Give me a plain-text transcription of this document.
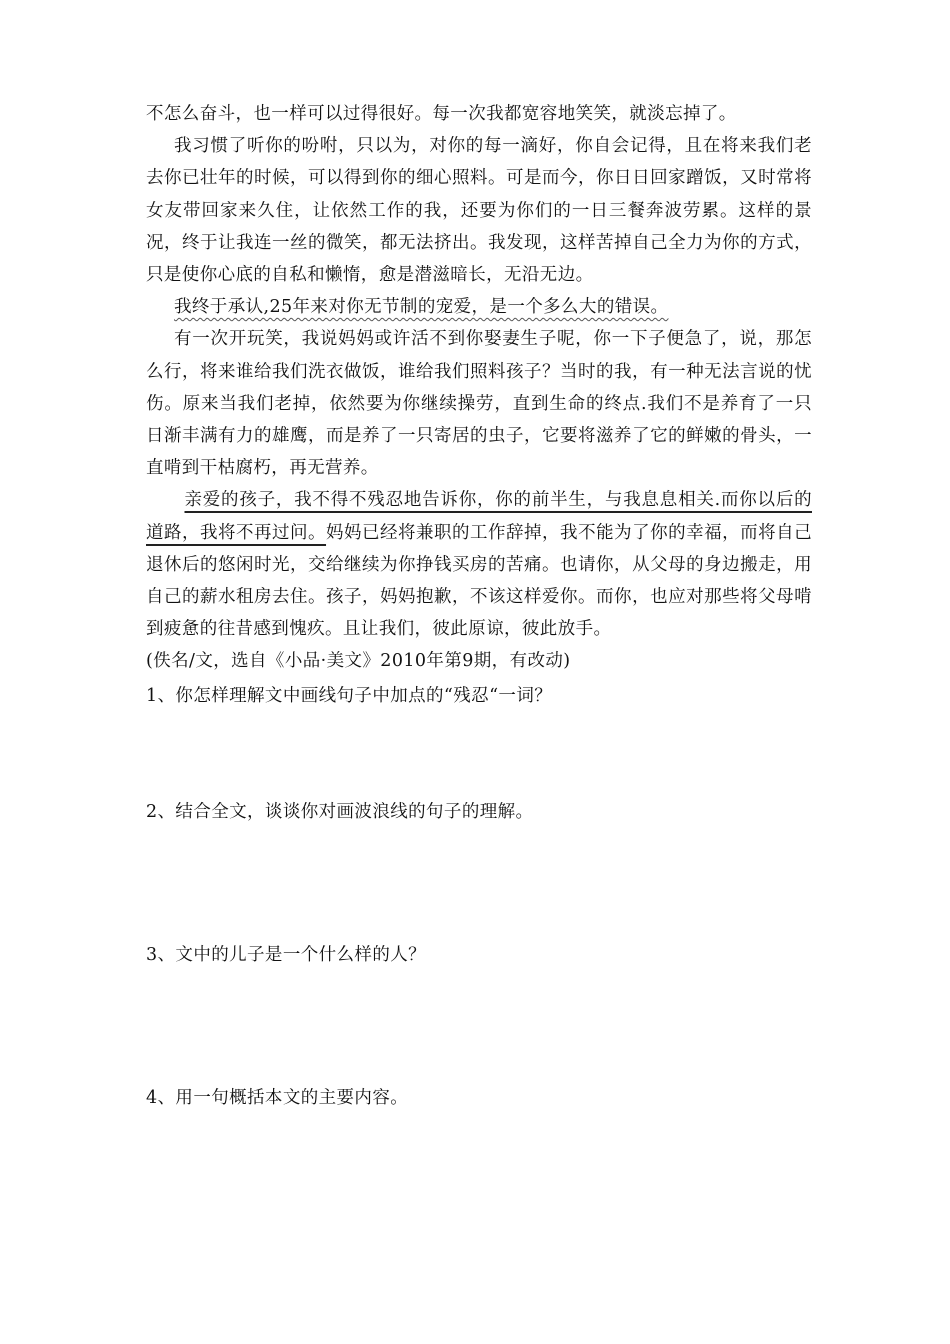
不怎么奋斗，也一样可以过得很好。每一次我都宽容地笑笑，就淡忘掉了。

我习惯了听你的吩咐，只以为，对你的每一滴好，你自会记得，且在将来我们老去你已壮年的时候，可以得到你的细心照料。可是而今，你日日回家蹭饭，又时常将女友带回家来久住，让依然工作的我，还要为你们的一日三餐奔波劳累。这样的景况，终于让我连一丝的微笑，都无法挤出。我发现，这样苦掉自己全力为你的方式，只是使你心底的自私和懒惰，愈是潜滋暗长，无沿无边。

我终于承认,25年来对你无节制的宠爱，是一个多么大的错误。

有一次开玩笑，我说妈妈或许活不到你娶妻生子呢，你一下子便急了，说，那怎么行，将来谁给我们洗衣做饭，谁给我们照料孩子？当时的我，有一种无法言说的忧伤。原来当我们老掉，依然要为你继续操劳，直到生命的终点.我们不是养育了一只日渐丰满有力的雄鹰，而是养了一只寄居的虫子，它要将滋养了它的鲜嫩的骨头，一直啃到干枯腐朽，再无营养。

亲爱的孩子，我不得不残忍地告诉你，你的前半生，与我息息相关.而你以后的道路，我将不再过问。妈妈已经将兼职的工作辞掉，我不能为了你的幸福，而将自己退休后的悠闲时光，交给继续为你挣钱买房的苦痛。也请你，从父母的身边搬走，用自己的薪水租房去住。孩子，妈妈抱歉，不该这样爱你。而你，也应对那些将父母啃到疲惫的往昔感到愧疚。且让我们，彼此原谅，彼此放手。

(佚名/文，选自《小品·美文》2010年第9期，有改动)

1、你怎样理解文中画线句子中加点的“残忍“一词？
2、结合全文，谈谈你对画波浪线的句子的理解。
3、文中的儿子是一个什么样的人？
4、用一句概括本文的主要内容。
